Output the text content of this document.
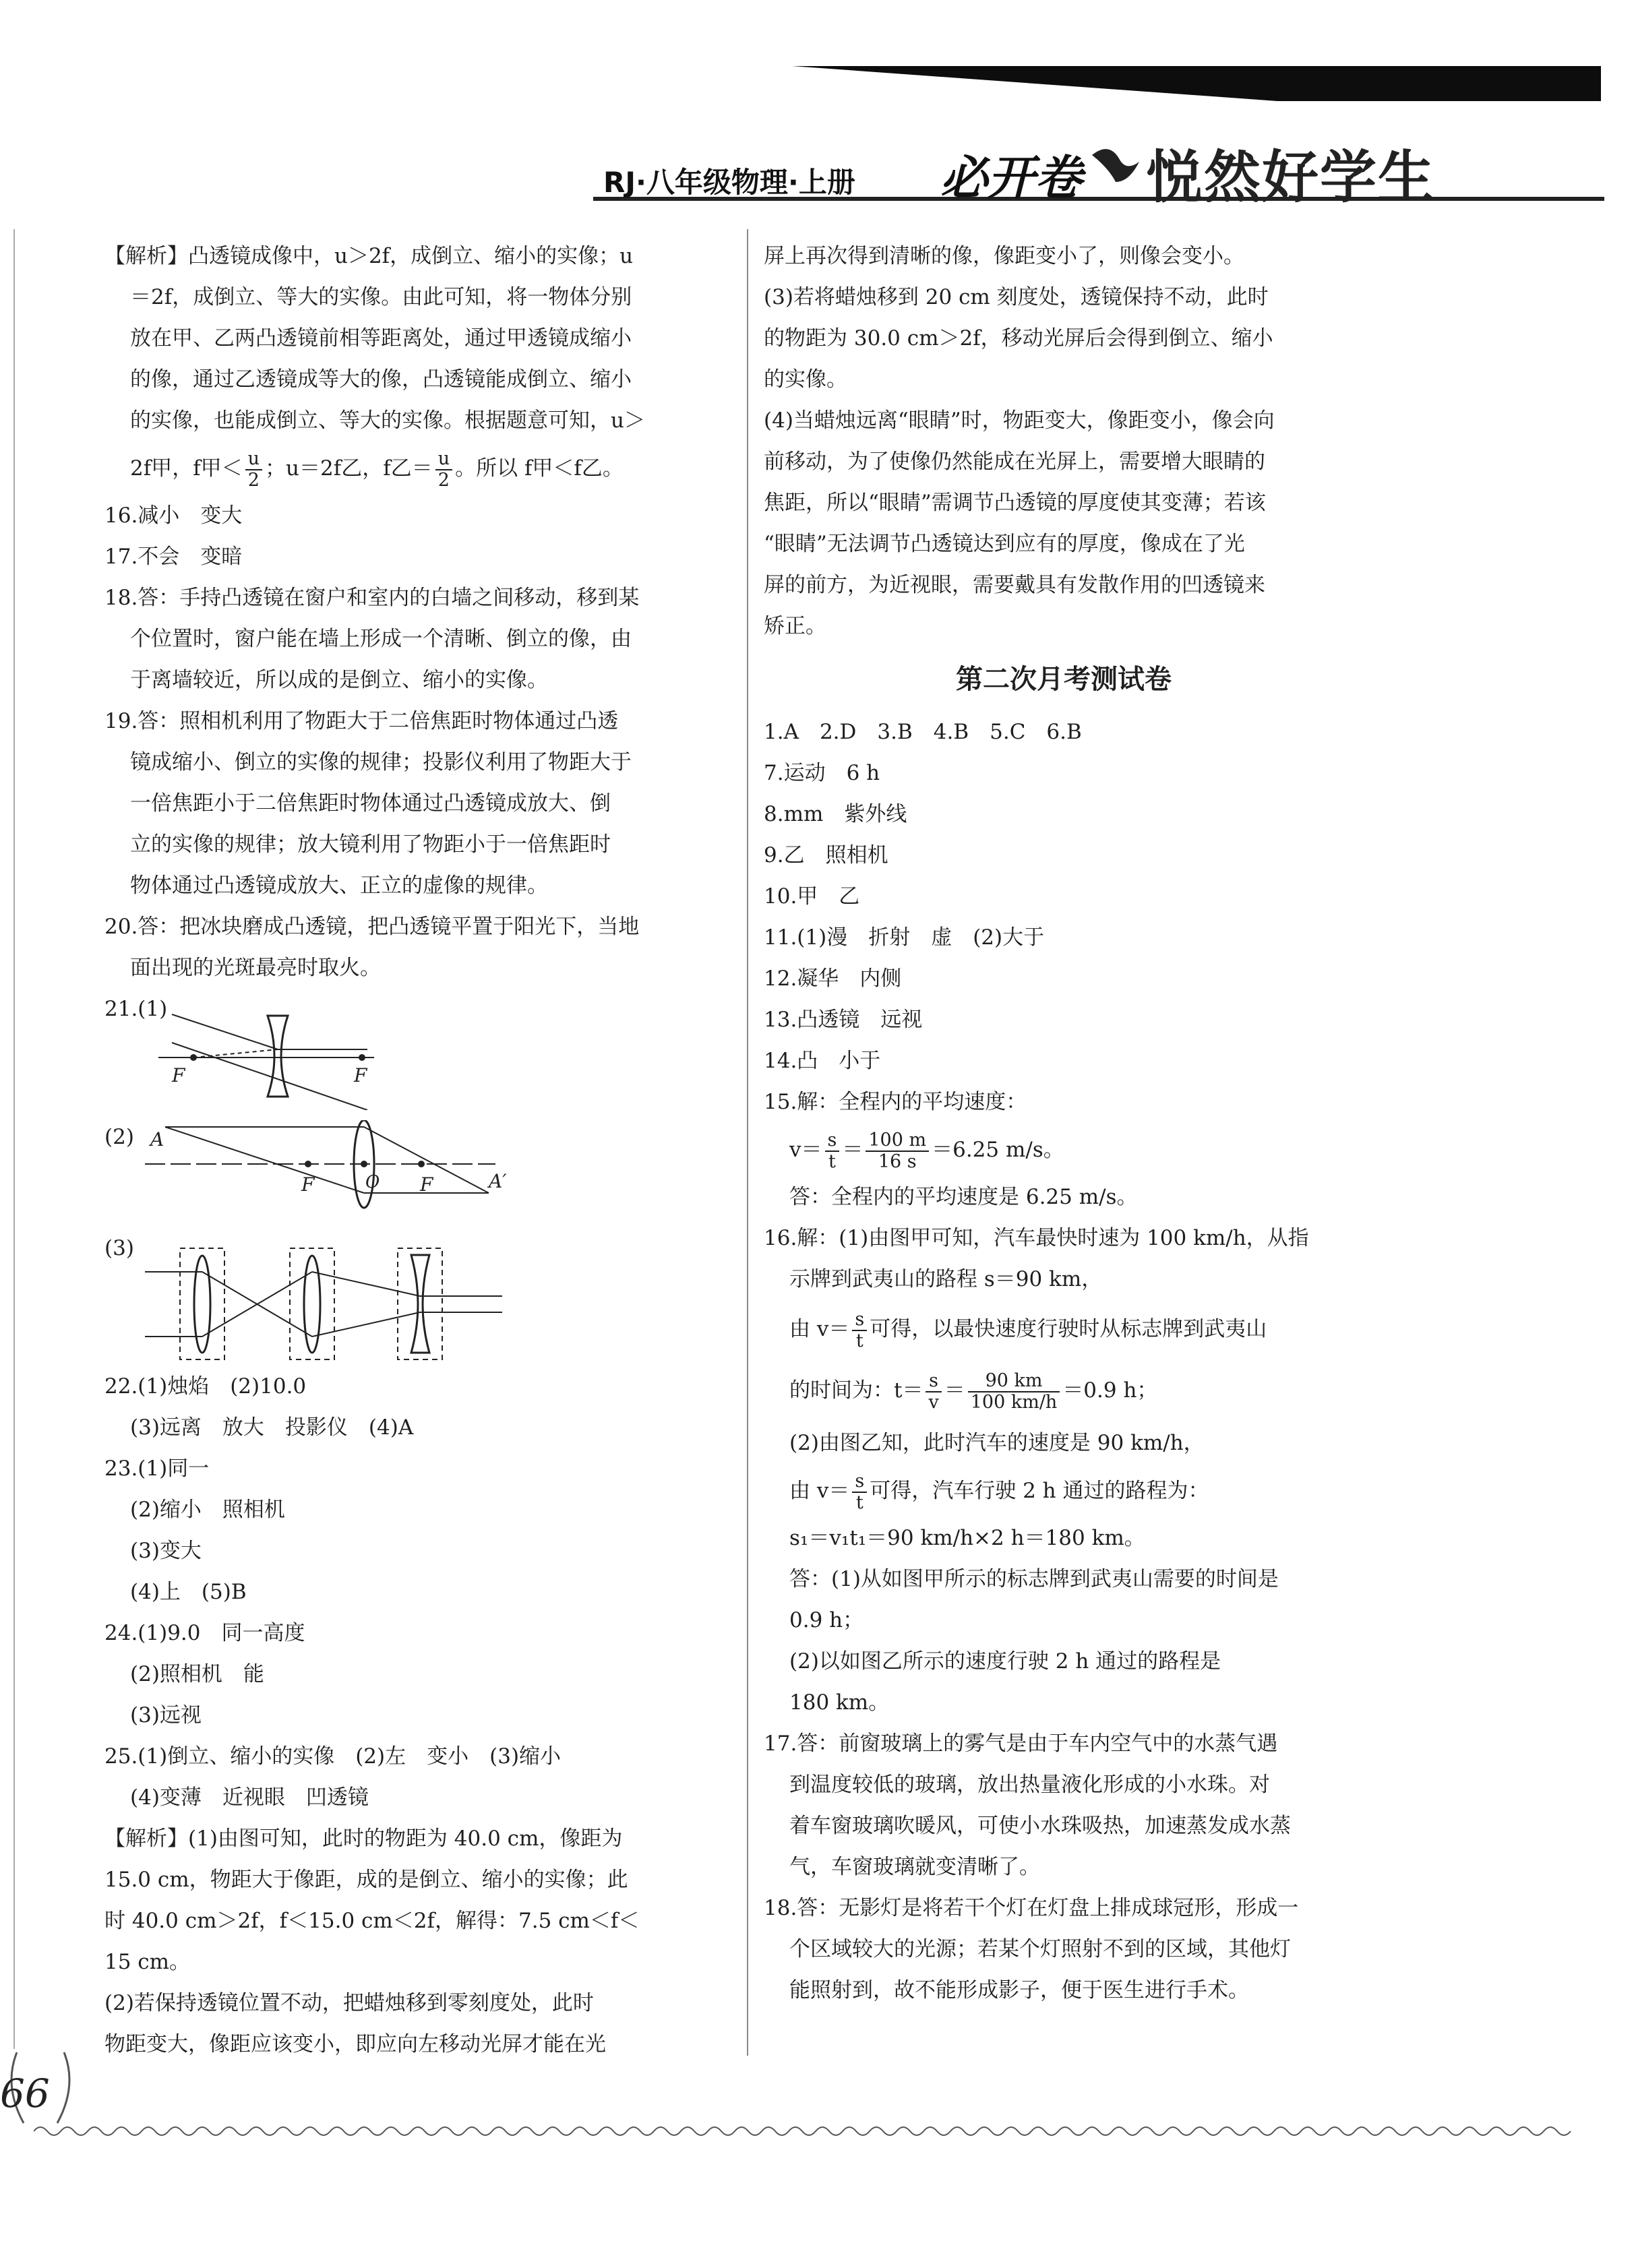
RJ·八年级物理·上册 必开卷 悦然好学生
【解析】凸透镜成像中，u＞2f，成倒立、缩小的实像；u
＝2f，成倒立、等大的实像。由此可知，将一物体分别
放在甲、乙两凸透镜前相等距离处，通过甲透镜成缩小
的像，通过乙透镜成等大的像，凸透镜能成倒立、缩小
的实像，也能成倒立、等大的实像。根据题意可知，u＞
2f甲，f甲＜ $\frac{u}{2}$ ；u＝2f乙，f乙＝ $\frac{u}{2}$ 。所以 f甲＜f乙。
16.减小　变大
17.不会　变暗
18.答：手持凸透镜在窗户和室内的白墙之间移动，移到某
个位置时，窗户能在墙上形成一个清晰、倒立的像，由
于离墙较近，所以成的是倒立、缩小的实像。
19.答：照相机利用了物距大于二倍焦距时物体通过凸透
镜成缩小、倒立的实像的规律；投影仪利用了物距大于
一倍焦距小于二倍焦距时物体通过凸透镜成放大、倒
立的实像的规律；放大镜利用了物距小于一倍焦距时
物体通过凸透镜成放大、正立的虚像的规律。
20.答：把冰块磨成凸透镜，把凸透镜平置于阳光下，当地
面出现的光斑最亮时取火。
21.(1)
F	F
(2) A
F	O F	A′
(3)
22.(1)烛焰　(2)10.0
(3)远离　放大　投影仪　(4)A
23.(1)同一
(2)缩小　照相机
(3)变大
(4)上　(5)B
24.(1)9.0　同一高度
(2)照相机　能
(3)远视
25.(1)倒立、缩小的实像　(2)左　变小　(3)缩小
(4)变薄　近视眼　凹透镜
【解析】(1)由图可知，此时的物距为 40.0 cm，像距为
15.0 cm，物距大于像距，成的是倒立、缩小的实像；此
时 40.0 cm＞2f，f＜15.0 cm＜2f，解得：7.5 cm＜f＜
15 cm。
(2)若保持透镜位置不动，把蜡烛移到零刻度处，此时
物距变大，像距应该变小，即应向左移动光屏才能在光
屏上再次得到清晰的像，像距变小了，则像会变小。
(3)若将蜡烛移到 20 cm 刻度处，透镜保持不动，此时
的物距为 30.0 cm＞2f，移动光屏后会得到倒立、缩小
的实像。
(4)当蜡烛远离“眼睛”时，物距变大，像距变小，像会向
前移动，为了使像仍然能成在光屏上，需要增大眼睛的
焦距，所以“眼睛”需调节凸透镜的厚度使其变薄；若该
“眼睛”无法调节凸透镜达到应有的厚度，像成在了光
屏的前方，为近视眼，需要戴具有发散作用的凹透镜来
矫正。
第二次月考测试卷
1.A　2.D　3.B　4.B　5.C　6.B
7.运动　6 h
8.mm　紫外线
9.乙　照相机
10.甲　乙
11.(1)漫　折射　虚　(2)大于
12.凝华　内侧
13.凸透镜　远视
14.凸　小于
15.解：全程内的平均速度：
$v= \frac{s}{t} = \frac{100 m}{16 s} =6.25$ m/s。
答：全程内的平均速度是 6.25 m/s。
16.解：(1)由图甲可知，汽车最快时速为 100 km/h，从指
示牌到武夷山的路程 s＝90 km，
由 $v= \frac{s}{t}$ 可得，以最快速度行驶时从标志牌到武夷山
的时间为：$t= \frac{s}{v} = \frac{90 km}{100 km/h} =0.9$ h；
(2)由图乙知，此时汽车的速度是 90 km/h，
由 $v= \frac{s}{t}$ 可得，汽车行驶 2 h 通过的路程为：
s₁＝v₁t₁＝90 km/h×2 h＝180 km。
答：(1)从如图甲所示的标志牌到武夷山需要的时间是
0.9 h；
(2)以如图乙所示的速度行驶 2 h 通过的路程是
180 km。
17.答：前窗玻璃上的雾气是由于车内空气中的水蒸气遇
到温度较低的玻璃，放出热量液化形成的小水珠。对
着车窗玻璃吹暖风，可使小水珠吸热，加速蒸发成水蒸
气，车窗玻璃就变清晰了。
18.答：无影灯是将若干个灯在灯盘上排成球冠形，形成一
个区域较大的光源；若某个灯照射不到的区域，其他灯
能照射到，故不能形成影子，便于医生进行手术。
66
